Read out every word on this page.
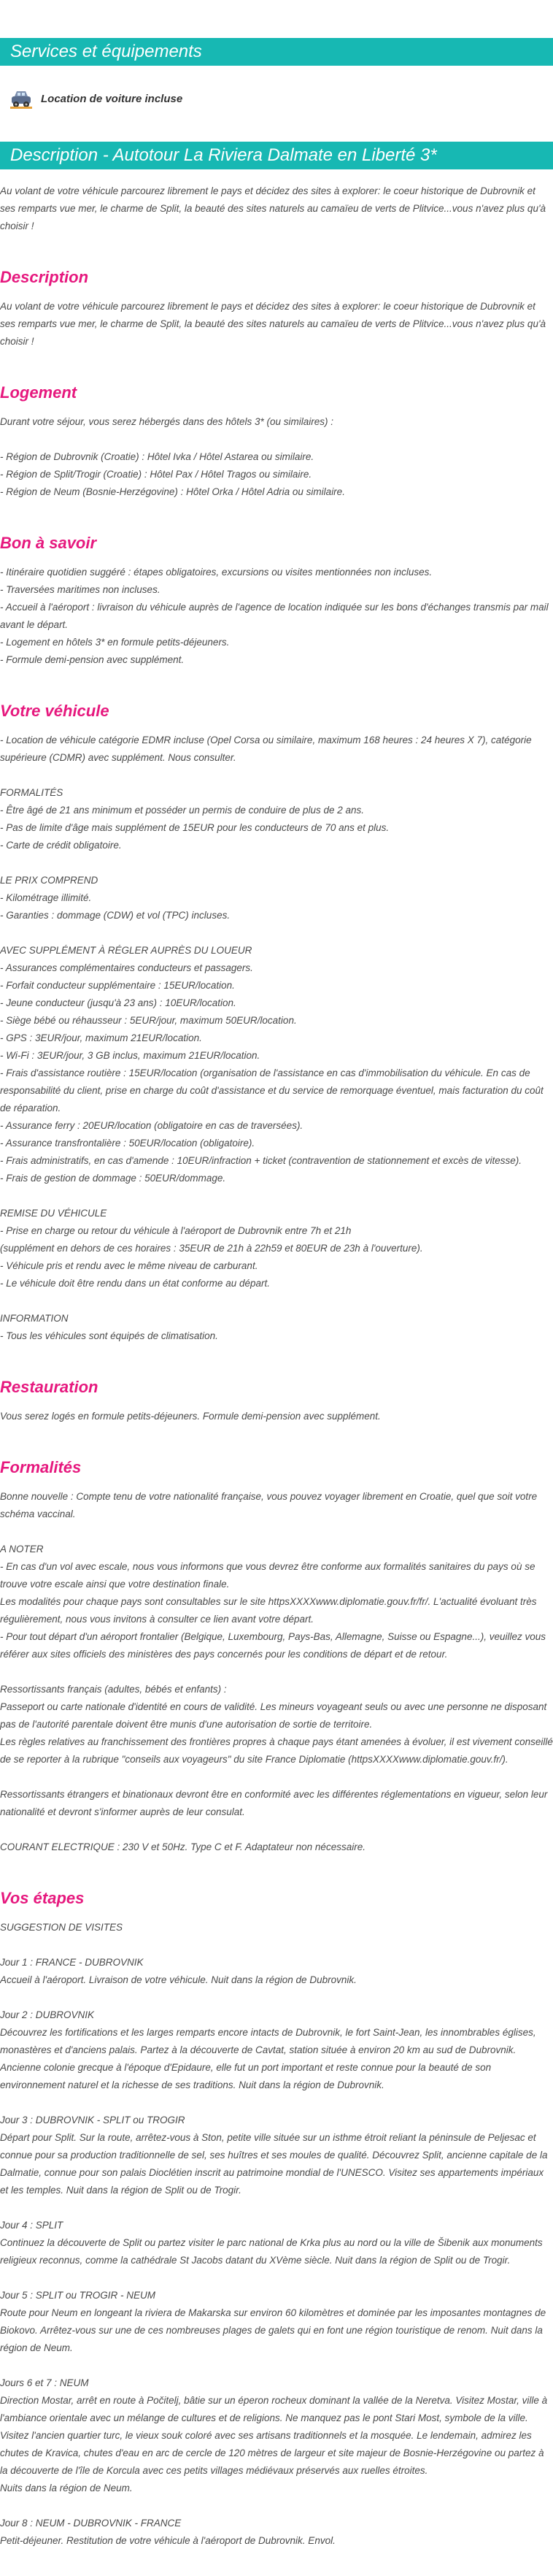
Services et équipements
Location de voiture incluse
Description - Autotour La Riviera Dalmate en Liberté 3*

Au volant de votre véhicule parcourez librement le pays et décidez des sites à explorer: le coeur historique de Dubrovnik et ses remparts vue mer, le charme de Split, la beauté des sites naturels au camaïeu de verts de Plitvice...vous n'avez plus qu'à choisir !

Description

Au volant de votre véhicule parcourez librement le pays et décidez des sites à explorer: le coeur historique de Dubrovnik et ses remparts vue mer, le charme de Split, la beauté des sites naturels au camaïeu de verts de Plitvice...vous n'avez plus qu'à choisir !

Logement

Durant votre séjour, vous serez hébergés dans des hôtels 3* (ou similaires) :

- Région de Dubrovnik (Croatie) : Hôtel Ivka / Hôtel Astarea ou similaire.

- Région de Split/Trogir (Croatie) : Hôtel Pax / Hôtel Tragos ou similaire.

- Région de Neum (Bosnie-Herzégovine) : Hôtel Orka / Hôtel Adria ou similaire.

Bon à savoir

- Itinéraire quotidien suggéré : étapes obligatoires, excursions ou visites mentionnées non incluses.

- Traversées maritimes non incluses.

- Accueil à l'aéroport : livraison du véhicule auprès de l'agence de location indiquée sur les bons d'échanges transmis par mail avant le départ.

- Logement en hôtels 3* en formule petits-déjeuners.

- Formule demi-pension avec supplément.

Votre véhicule

- Location de véhicule catégorie EDMR incluse (Opel Corsa ou similaire, maximum 168 heures : 24 heures X 7), catégorie supérieure (CDMR) avec supplément. Nous consulter.

FORMALITÉS

- Être âgé de 21 ans minimum et posséder un permis de conduire de plus de 2 ans.

- Pas de limite d'âge mais supplément de 15EUR pour les conducteurs de 70 ans et plus.

- Carte de crédit obligatoire.

LE PRIX COMPREND

- Kilométrage illimité.

- Garanties : dommage (CDW) et vol (TPC) incluses.

AVEC SUPPLÉMENT À RÉGLER AUPRÈS DU LOUEUR

- Assurances complémentaires conducteurs et passagers.

- Forfait conducteur supplémentaire : 15EUR/location.

- Jeune conducteur (jusqu'à 23 ans) : 10EUR/location.

- Siège bébé ou réhausseur : 5EUR/jour, maximum 50EUR/location.

- GPS : 3EUR/jour, maximum 21EUR/location.

- Wi-Fi : 3EUR/jour, 3 GB inclus, maximum 21EUR/location.

- Frais d'assistance routière : 15EUR/location (organisation de l'assistance en cas d'immobilisation du véhicule. En cas de responsabilité du client, prise en charge du coût d'assistance et du service de remorquage éventuel, mais facturation du coût de réparation.

- Assurance ferry : 20EUR/location (obligatoire en cas de traversées).

- Assurance transfrontalière : 50EUR/location (obligatoire).

- Frais administratifs, en cas d'amende : 10EUR/infraction + ticket (contravention de stationnement et excès de vitesse).

- Frais de gestion de dommage : 50EUR/dommage.

REMISE DU VÉHICULE

- Prise en charge ou retour du véhicule à l'aéroport de Dubrovnik entre 7h et 21h

(supplément en dehors de ces horaires : 35EUR de 21h à 22h59 et 80EUR de 23h à l'ouverture).

- Véhicule pris et rendu avec le même niveau de carburant.

- Le véhicule doit être rendu dans un état conforme au départ.

INFORMATION

- Tous les véhicules sont équipés de climatisation.

Restauration

Vous serez logés en formule petits-déjeuners. Formule demi-pension avec supplément.

Formalités

Bonne nouvelle : Compte tenu de votre nationalité française, vous pouvez voyager librement en Croatie, quel que soit votre schéma vaccinal.

A NOTER

- En cas d'un vol avec escale, nous vous informons que vous devrez être conforme aux formalités sanitaires du pays où se trouve votre escale ainsi que votre destination finale.

Les modalités pour chaque pays sont consultables sur le site httpsXXXXwww.diplomatie.gouv.fr/fr/. L'actualité évoluant très régulièrement, nous vous invitons à consulter ce lien avant votre départ.

- Pour tout départ d'un aéroport frontalier (Belgique, Luxembourg, Pays-Bas, Allemagne, Suisse ou Espagne...), veuillez vous référer aux sites officiels des ministères des pays concernés pour les conditions de départ et de retour.

Ressortissants français (adultes, bébés et enfants) :

Passeport ou carte nationale d'identité en cours de validité. Les mineurs voyageant seuls ou avec une personne ne disposant pas de l'autorité parentale doivent être munis d'une autorisation de sortie de territoire.
Les règles relatives au franchissement des frontières propres à chaque pays étant amenées à évoluer, il est vivement conseillé de se reporter à la rubrique "conseils aux voyageurs" du site France Diplomatie (httpsXXXXwww.diplomatie.gouv.fr/).

Ressortissants étrangers et binationaux devront être en conformité avec les différentes réglementations en vigueur, selon leur nationalité et devront s'informer auprès de leur consulat.

COURANT ELECTRIQUE : 230 V et 50Hz. Type C et F. Adaptateur non nécessaire.

Vos étapes

SUGGESTION DE VISITES

Jour 1 : FRANCE - DUBROVNIK

Accueil à l'aéroport. Livraison de votre véhicule. Nuit dans la région de Dubrovnik.

Jour 2 : DUBROVNIK

Découvrez les fortifications et les larges remparts encore intacts de Dubrovnik, le fort Saint-Jean, les innombrables églises, monastères et d'anciens palais. Partez à la découverte de Cavtat, station située à environ 20 km au sud de Dubrovnik. Ancienne colonie grecque à l'époque d'Epidaure, elle fut un port important et reste connue pour la beauté de son environnement naturel et la richesse de ses traditions. Nuit dans la région de Dubrovnik.

Jour 3 : DUBROVNIK - SPLIT ou TROGIR

Départ pour Split. Sur la route, arrêtez-vous à Ston, petite ville située sur un isthme étroit reliant la péninsule de Peljesac et connue pour sa production traditionnelle de sel, ses huîtres et ses moules de qualité. Découvrez Split, ancienne capitale de la Dalmatie, connue pour son palais Dioclétien inscrit au patrimoine mondial de l'UNESCO. Visitez ses appartements impériaux et les temples. Nuit dans la région de Split ou de Trogir.

Jour 4 : SPLIT

Continuez la découverte de Split ou partez visiter le parc national de Krka plus au nord ou la ville de Šibenik aux monuments religieux reconnus, comme la cathédrale St Jacobs datant du XVème siècle. Nuit dans la région de Split ou de Trogir.

Jour 5 : SPLIT ou TROGIR - NEUM

Route pour Neum en longeant la riviera de Makarska sur environ 60 kilomètres et dominée par les imposantes montagnes de Biokovo. Arrêtez-vous sur une de ces nombreuses plages de galets qui en font une région touristique de renom. Nuit dans la région de Neum.

Jours 6 et 7 : NEUM

Direction Mostar, arrêt en route à Počitelj, bâtie sur un éperon rocheux dominant la vallée de la Neretva. Visitez Mostar, ville à l'ambiance orientale avec un mélange de cultures et de religions. Ne manquez pas le pont Stari Most, symbole de la ville. Visitez l'ancien quartier turc, le vieux souk coloré avec ses artisans traditionnels et la mosquée. Le lendemain, admirez les chutes de Kravica, chutes d'eau en arc de cercle de 120 mètres de largeur et site majeur de Bosnie-Herzégovine ou partez à la découverte de l'île de Korcula avec ces petits villages médiévaux préservés aux ruelles étroites.
Nuits dans la région de Neum.

Jour 8 : NEUM - DUBROVNIK - FRANCE

Petit-déjeuner. Restitution de votre véhicule à l'aéroport de Dubrovnik. Envol.
